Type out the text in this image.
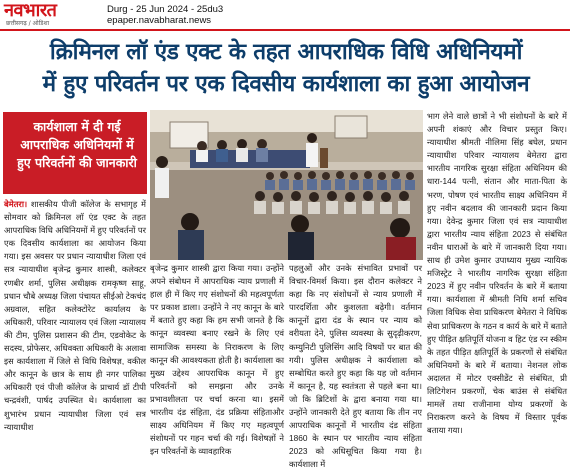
नवभारत
छत्तीसगढ़ / ओडिशा
Durg - 25 Jun 2024 - 25du3
epaper.navabharat.news
क्रिमिनल लॉ एंड एक्ट के तहत आपराधिक विधि अधिनियमों
में हुए परिवर्तन पर एक दिवसीय कार्यशाला का हुआ आयोजन
कार्यशाला में दी गई आपराधिक अधिनियमों में हुए परिवर्तनों की जानकारी

बेमेतरा। शासकीय पीजी कॉलेज के सभागृह में सोमवार को क्रिमिनल लॉ एंड एक्ट के तहत आपराधिक विधि अधिनियमों में हुए परिवर्तनों पर एक दिवसीय कार्यशाला का आयोजन किया गया। इस अवसर पर प्रधान न्यायाधीश जिला एवं सत्र न्यायाधीश बृजेन्द्र कुमार शास्त्री, कलेक्टर रणबीर शर्मा, पुलिस अधीक्षक रामकृष्ण साहू, प्रधान चौबे अध्यक्ष जिला पंचायत सीईओ टेकचंद अग्रवाल, सहित कलेक्टोरेट कार्यालय के अधिकारी, परिवार न्यायालय एवं जिला न्यायालय की टीम, पुलिस प्रशासन की टीम, एडवोकेट के सदस्य, प्रोफेसर, अधिवक्ता अधिकारी के अलावा इस कार्यशाला में जिले से विधि विशेषज्ञ, वकील और कानून के छात्र के साथ ही नगर पालिका अधिकारी एवं पीजी कॉलेज के प्राचार्य डॉ टीपी चन्द्रवंशी, पार्षद उपस्थित थे। कार्यशाला का शुभारंभ प्रधान न्यायाधीश जिला एवं सत्र न्यायाधीश

बृजेन्द्र कुमार शास्त्री द्वारा किया गया। उन्होंने अपने संबोधन में आपराधिक न्याय प्रणाली में हाल ही में किए गए संशोधनों की महत्वपूर्णता पर प्रकाश डाला। उन्होंने ने नए कानून के बारे में बताते हुए कहा कि हम सभी जानते है कि कानून व्यवस्था बनाए रखने के लिए एवं सामाजिक समस्या के निराकरण के लिए कानून की आवश्यकता होती है। कार्यशाला का मुख्य उद्देश्य आपराधिक कानून में हुए परिवर्तनों को समझना और उनके प्रभावशीलता पर चर्चा करना था। इसमें भारतीय दंड संहिता, दंड प्रक्रिया संहिताऔर साक्ष्य अधिनियम में किए गए महत्वपूर्ण संशोधनों पर गहन चर्चा की गई। विशेषज्ञों ने इन परिवर्तनों के व्यावहारिक

पहलुओं और उनके संभावित प्रभावों पर विचार-विमर्श किया। इस दौरान कलेक्टर ने कहा कि नए संशोधनों से न्याय प्रणाली में पारदर्शिता और कुशलता बढ़ेगी। वर्तमान कानूनों द्वारा दंड के स्थान पर न्याय को वरीयता देने, पुलिस व्यवस्था के सुदृढ़ीकरण, कम्युनिटी पुलिसिंग आदि विषयों पर बात की गयी। पुलिस अधीक्षक ने कार्यशाला को सम्बोधित करते हुए कहा कि यह जो वर्तमान में कानून है, यह स्वतंत्रता से पहले बना था। जो कि ब्रिटिशों के द्वारा बनाया गया था। उन्होंने जानकारी देते हुए बताया कि तीन नए आपराधिक कानूनों में भारतीय दंड संहिता 1860 के स्थान पर भारतीय न्याय संहिता 2023 को अधिसूचित किया गया है। कार्यशाला में

भाग लेने वाले छात्रों ने भी संशोधनों के बारे में अपनी शंकाएं और विचार प्रस्तुत किए। न्यायाधीश श्रीमती नीलिमा सिंह बघेल, प्रधान न्यायाधीश परिवार न्यायालय बेमेतरा द्वारा भारतीय नागरिक सुरक्षा संहिता अधिनियम की धारा-144 पत्नी, संतान और माता-पिता के भरण, पोषण एवं भारतीय साक्ष्य अधिनियम में हुए नवीन बदलाव की जानकारी प्रदान किया गया। देवेन्द्र कुमार जिला एवं सत्र न्यायाधीश द्वारा भारतीय न्याय संहिता 2023 से संबंधित नवीन धाराओं के बारे में जानकारी दिया गया। साथ ही उमेश कुमार उपाध्याय मुख्य न्यायिक मजिस्ट्रेट ने भारतीय नागरिक सुरक्षा संहिता 2023 में हुए नवीन परिवर्तन के बारे में बताया गया। कार्यशाला में श्रीमती निधि शर्मा सचिव जिला विधिक सेवा प्राधिकरण बेमेतरा ने विधिक सेवा प्राधिकरण के गठन व कार्य के बारे में बताते हुए पीड़ित क्षतिपूर्ति योजना व हिट एंड रन स्कीम के तहत पीड़ित क्षतिपूर्ति के प्रकरणों से संबंधित अधिनियमों के बारे में बताया। नेशनल लोक अदालत में मोटर एक्सीडेंट से संबंधित, प्री लिटिगेशन प्रकरणों, चेक बाउंस से संबंधित मामलें तथा राजीनामा योग्य प्रकरणों के निराकरण करने के विषय में विस्तार पूर्वक बताया गया।
